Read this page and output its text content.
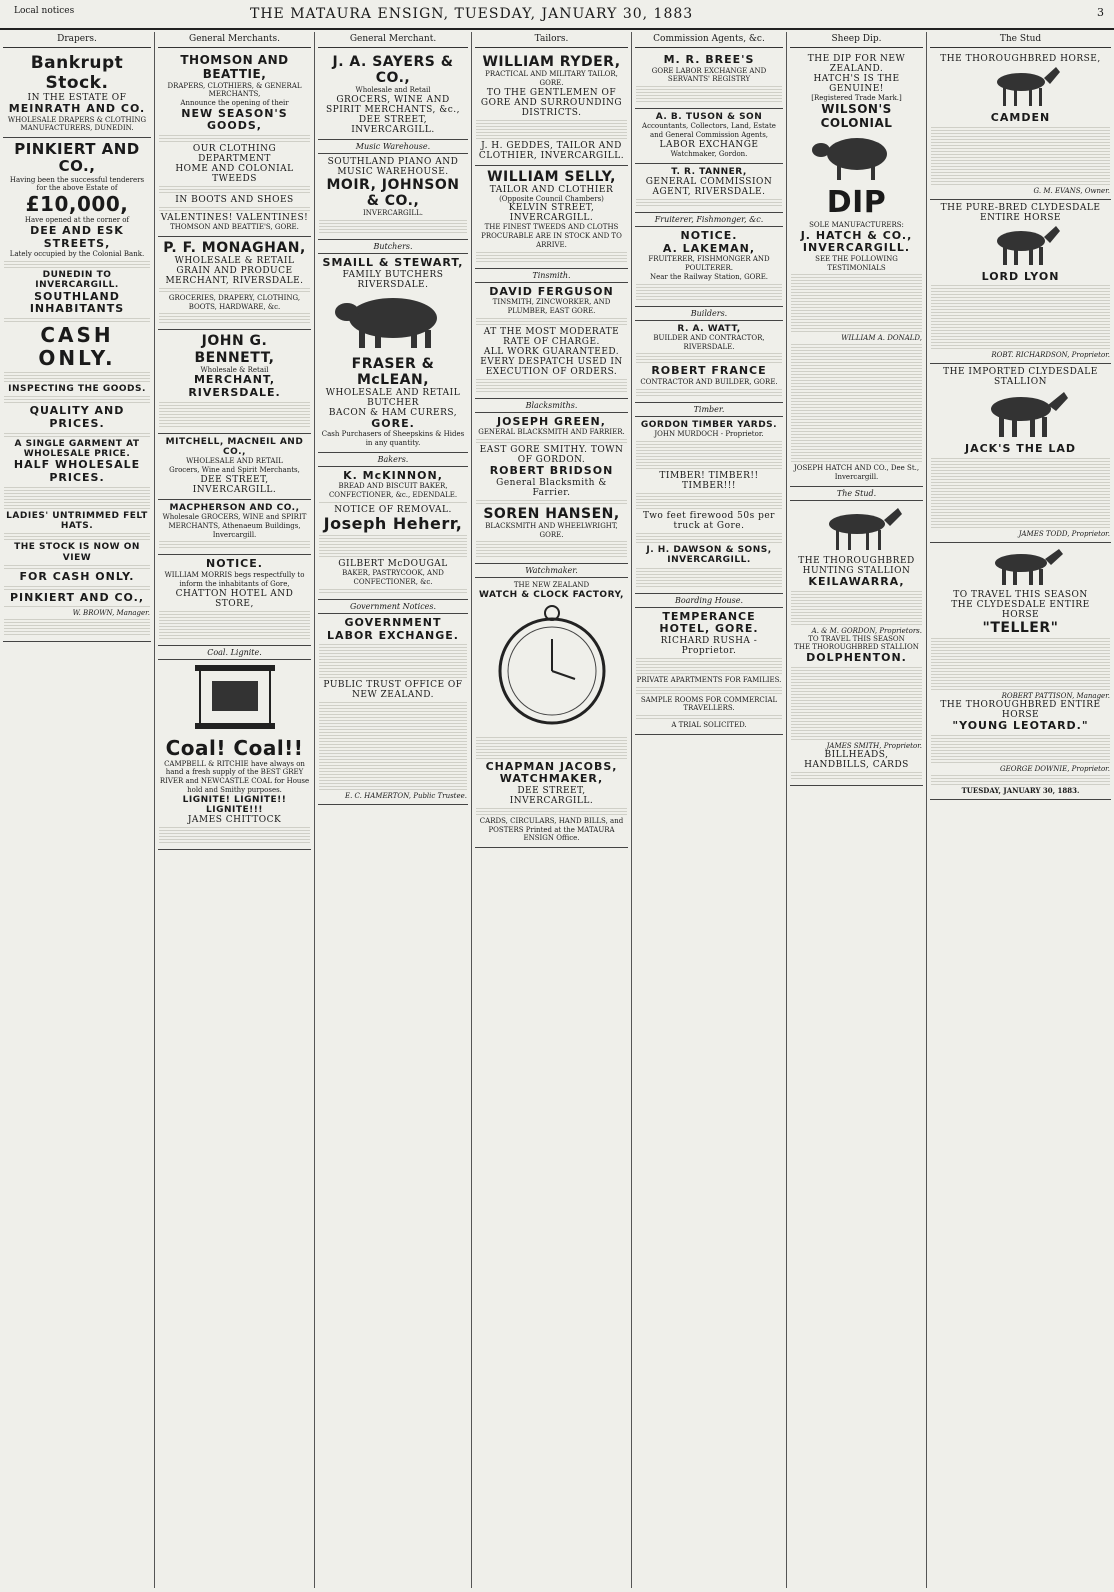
Local notices	THE MATAURA ENSIGN, TUESDAY, JANUARY 30, 1883	3
Drapers.
Bankrupt Stock.
IN THE ESTATE OF
MEINRATH AND CO.
WHOLESALE DRAPERS & CLOTHING MANUFACTURERS, DUNEDIN.
PINKIERT AND CO.,
Having been the successful tenderers for the above Estate of
£10,000,
Have opened at the corner of
DEE AND ESK STREETS,
Lately occupied by the Colonial Bank.
DUNEDIN TO INVERCARGILL.
SOUTHLAND INHABITANTS
CASH ONLY.
INSPECTING THE GOODS.
QUALITY AND PRICES.
A SINGLE GARMENT AT WHOLESALE PRICE.
HALF WHOLESALE PRICES.
LADIES' UNTRIMMED FELT HATS.
THE STOCK IS NOW ON VIEW
FOR CASH ONLY.
PINKIERT AND CO.,
W. BROWN, Manager.
General Merchants.
THOMSON AND BEATTIE,
DRAPERS, CLOTHIERS, & GENERAL MERCHANTS,
Announce the opening of their
NEW SEASON'S GOODS,
OUR CLOTHING DEPARTMENT
HOME AND COLONIAL TWEEDS
IN BOOTS AND SHOES
VALENTINES! VALENTINES!
THOMSON AND BEATTIE'S, GORE.
P. F. MONAGHAN,
WHOLESALE & RETAIL GRAIN AND PRODUCE MERCHANT, RIVERSDALE.
GROCERIES, DRAPERY, CLOTHING, BOOTS, HARDWARE, &c.
JOHN G. BENNETT,
Wholesale & Retail
MERCHANT, RIVERSDALE.
MITCHELL, MACNEIL AND CO.,
WHOLESALE AND RETAIL
Grocers, Wine and Spirit Merchants,
DEE STREET, INVERCARGILL.
MACPHERSON AND CO.,
Wholesale GROCERS, WINE and SPIRIT MERCHANTS, Athenaeum Buildings, Invercargill.
NOTICE.
WILLIAM MORRIS begs respectfully to inform the inhabitants of Gore,
CHATTON HOTEL AND STORE,
Coal. Lignite.
Coal! Coal!!
CAMPBELL & RITCHIE have always on hand a fresh supply of the BEST GREY RIVER and NEWCASTLE COAL for House hold and Smithy purposes.
LIGNITE! LIGNITE!! LIGNITE!!!
JAMES CHITTOCK
General Merchant.
J. A. SAYERS & CO.,
Wholesale and Retail
GROCERS, WINE AND SPIRIT MERCHANTS, &c.,
DEE STREET, INVERCARGILL.
Music Warehouse.
SOUTHLAND PIANO AND MUSIC WAREHOUSE.
MOIR, JOHNSON & CO.,
INVERCARGILL.
Butchers.
SMAILL & STEWART,
FAMILY BUTCHERS RIVERSDALE.
FRASER & McLEAN,
WHOLESALE AND RETAIL BUTCHER
BACON & HAM CURERS,
GORE.
Cash Purchasers of Sheepskins & Hides in any quantity.
Bakers.
K. McKINNON,
BREAD AND BISCUIT BAKER, CONFECTIONER, &c., EDENDALE.
NOTICE OF REMOVAL.
Joseph Heherr,
GILBERT McDOUGAL
BAKER, PASTRYCOOK, AND CONFECTIONER, &c.
Government Notices.
GOVERNMENT LABOR EXCHANGE.
PUBLIC TRUST OFFICE OF NEW ZEALAND.
E. C. HAMERTON, Public Trustee.
Tailors.
WILLIAM RYDER,
PRACTICAL AND MILITARY TAILOR, GORE.
TO THE GENTLEMEN OF GORE AND SURROUNDING DISTRICTS.
J. H. GEDDES, TAILOR AND CLOTHIER, INVERCARGILL.
WILLIAM SELLY,
TAILOR AND CLOTHIER
(Opposite Council Chambers)
KELVIN STREET, INVERCARGILL.
THE FINEST TWEEDS AND CLOTHS PROCURABLE ARE IN STOCK AND TO ARRIVE.
Tinsmith.
DAVID FERGUSON
TINSMITH, ZINCWORKER, AND PLUMBER, EAST GORE.
AT THE MOST MODERATE RATE OF CHARGE.
ALL WORK GUARANTEED.
EVERY DESPATCH USED IN EXECUTION OF ORDERS.
Blacksmiths.
JOSEPH GREEN,
GENERAL BLACKSMITH AND FARRIER.
EAST GORE SMITHY. TOWN OF GORDON.
ROBERT BRIDSON
General Blacksmith & Farrier.
SOREN HANSEN,
BLACKSMITH AND WHEELWRIGHT, GORE.
Watchmaker.
THE NEW ZEALAND
WATCH & CLOCK FACTORY,
CHAPMAN JACOBS, WATCHMAKER,
DEE STREET, INVERCARGILL.
CARDS, CIRCULARS, HAND BILLS, and POSTERS Printed at the MATAURA ENSIGN Office.
Commission Agents, &c.
M. R. BREE'S
GORE LABOR EXCHANGE AND SERVANTS' REGISTRY
A. B. TUSON & SON
Accountants, Collectors, Land, Estate and General Commission Agents,
LABOR EXCHANGE
Watchmaker, Gordon.
T. R. TANNER,
GENERAL COMMISSION AGENT, RIVERSDALE.
Fruiterer, Fishmonger, &c.
NOTICE.
A. LAKEMAN,
FRUITERER, FISHMONGER AND POULTERER.
Near the Railway Station, GORE.
Builders.
R. A. WATT,
BUILDER AND CONTRACTOR, RIVERSDALE.
ROBERT FRANCE
CONTRACTOR AND BUILDER, GORE.
Timber.
GORDON TIMBER YARDS.
JOHN MURDOCH - Proprietor.
TIMBER! TIMBER!! TIMBER!!!
Two feet firewood 50s per truck at Gore.
J. H. DAWSON & SONS, INVERCARGILL.
Boarding House.
TEMPERANCE HOTEL, GORE.
RICHARD RUSHA - Proprietor.
PRIVATE APARTMENTS FOR FAMILIES.
SAMPLE ROOMS FOR COMMERCIAL TRAVELLERS.
A TRIAL SOLICITED.
Sheep Dip.
THE DIP FOR NEW ZEALAND.
HATCH'S IS THE GENUINE!
[Registered Trade Mark.]
WILSON'S COLONIAL
DIP
SOLE MANUFACTURERS:
J. HATCH & CO., INVERCARGILL.
SEE THE FOLLOWING TESTIMONIALS
WILLIAM A. DONALD,
JOSEPH HATCH AND CO., Dee St., Invercargill.
The Stud.
THE THOROUGHBRED HUNTING STALLION
KEILAWARRA,
A. & M. GORDON, Proprietors.
TO TRAVEL THIS SEASON
THE THOROUGHBRED STALLION
DOLPHENTON.
JAMES SMITH, Proprietor.
BILLHEADS, HANDBILLS, CARDS
The Stud
THE THOROUGHBRED HORSE,
CAMDEN
G. M. EVANS, Owner.
THE PURE-BRED CLYDESDALE ENTIRE HORSE
LORD LYON
ROBT. RICHARDSON, Proprietor.
THE IMPORTED CLYDESDALE STALLION
JACK'S THE LAD
JAMES TODD, Proprietor.
TO TRAVEL THIS SEASON
THE CLYDESDALE ENTIRE HORSE
"TELLER"
ROBERT PATTISON, Manager.
THE THOROUGHBRED ENTIRE HORSE
"YOUNG LEOTARD."
GEORGE DOWNIE, Proprietor.
TUESDAY, JANUARY 30, 1883.
